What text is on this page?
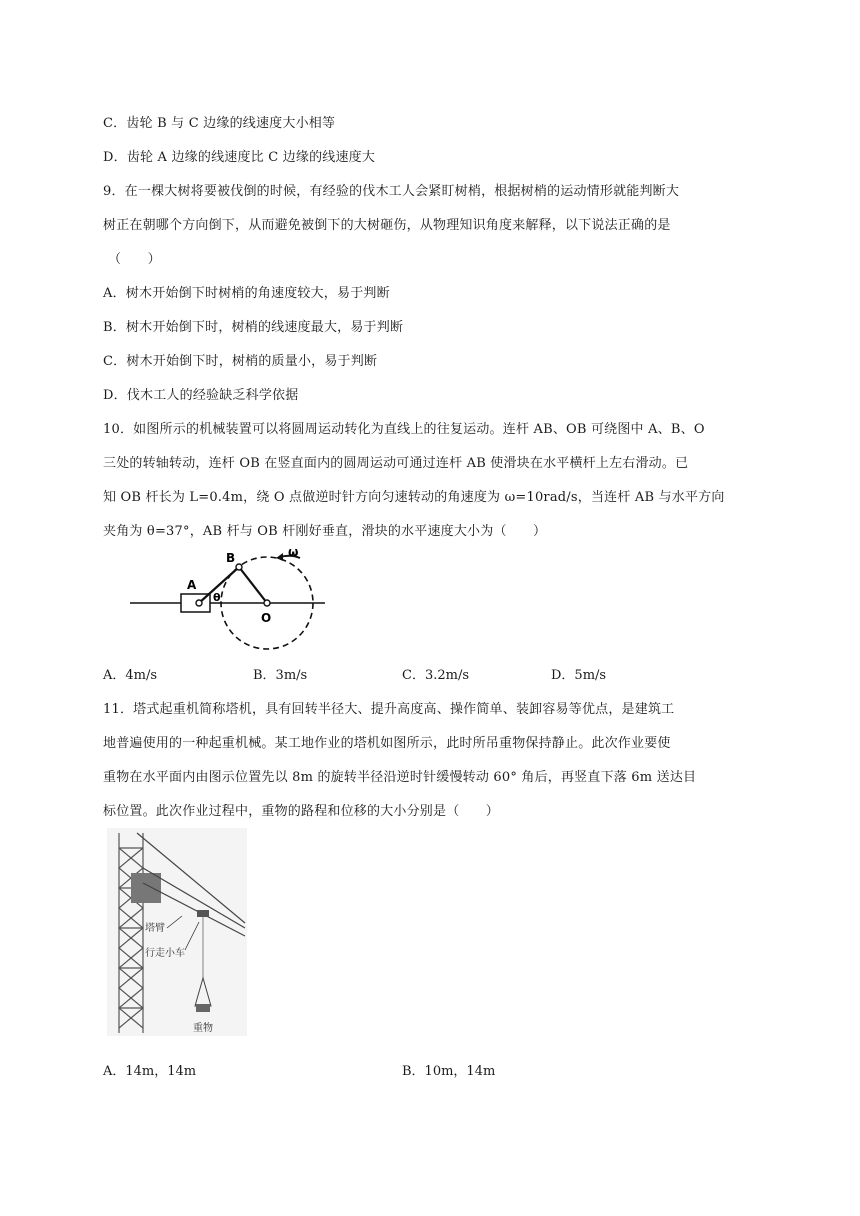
C．齿轮 B 与 C 边缘的线速度大小相等
D．齿轮 A 边缘的线速度比 C 边缘的线速度大
9．在一棵大树将要被伐倒的时候，有经验的伐木工人会紧盯树梢，根据树梢的运动情形就能判断大
树正在朝哪个方向倒下，从而避免被倒下的大树砸伤，从物理知识角度来解释，以下说法正确的是
（　　）
A．树木开始倒下时树梢的角速度较大，易于判断
B．树木开始倒下时，树梢的线速度最大，易于判断
C．树木开始倒下时，树梢的质量小，易于判断
D．伐木工人的经验缺乏科学依据
10．如图所示的机械装置可以将圆周运动转化为直线上的往复运动。连杆 AB、OB 可绕图中 A、B、O
三处的转轴转动，连杆 OB 在竖直面内的圆周运动可通过连杆 AB 使滑块在水平横杆上左右滑动。已
知 OB 杆长为 L=0.4m，绕 O 点做逆时针方向匀速转动的角速度为 ω=10rad/s，当连杆 AB 与水平方向
夹角为 θ=37°，AB 杆与 OB 杆刚好垂直，滑块的水平速度大小为（　　）
A
B
O
θ
ω
A．4m/s	B．3m/s	C．3.2m/s	D．5m/s
11．塔式起重机简称塔机，具有回转半径大、提升高度高、操作简单、装卸容易等优点，是建筑工
地普遍使用的一种起重机械。某工地作业的塔机如图所示，此时所吊重物保持静止。此次作业要使
重物在水平面内由图示位置先以 8m 的旋转半径沿逆时针缓慢转动 60° 角后，再竖直下落 6m 送达目
标位置。此次作业过程中，重物的路程和位移的大小分别是（　　）
塔臂
行走小车
重物
A．14m，14m	B．10m，14m
